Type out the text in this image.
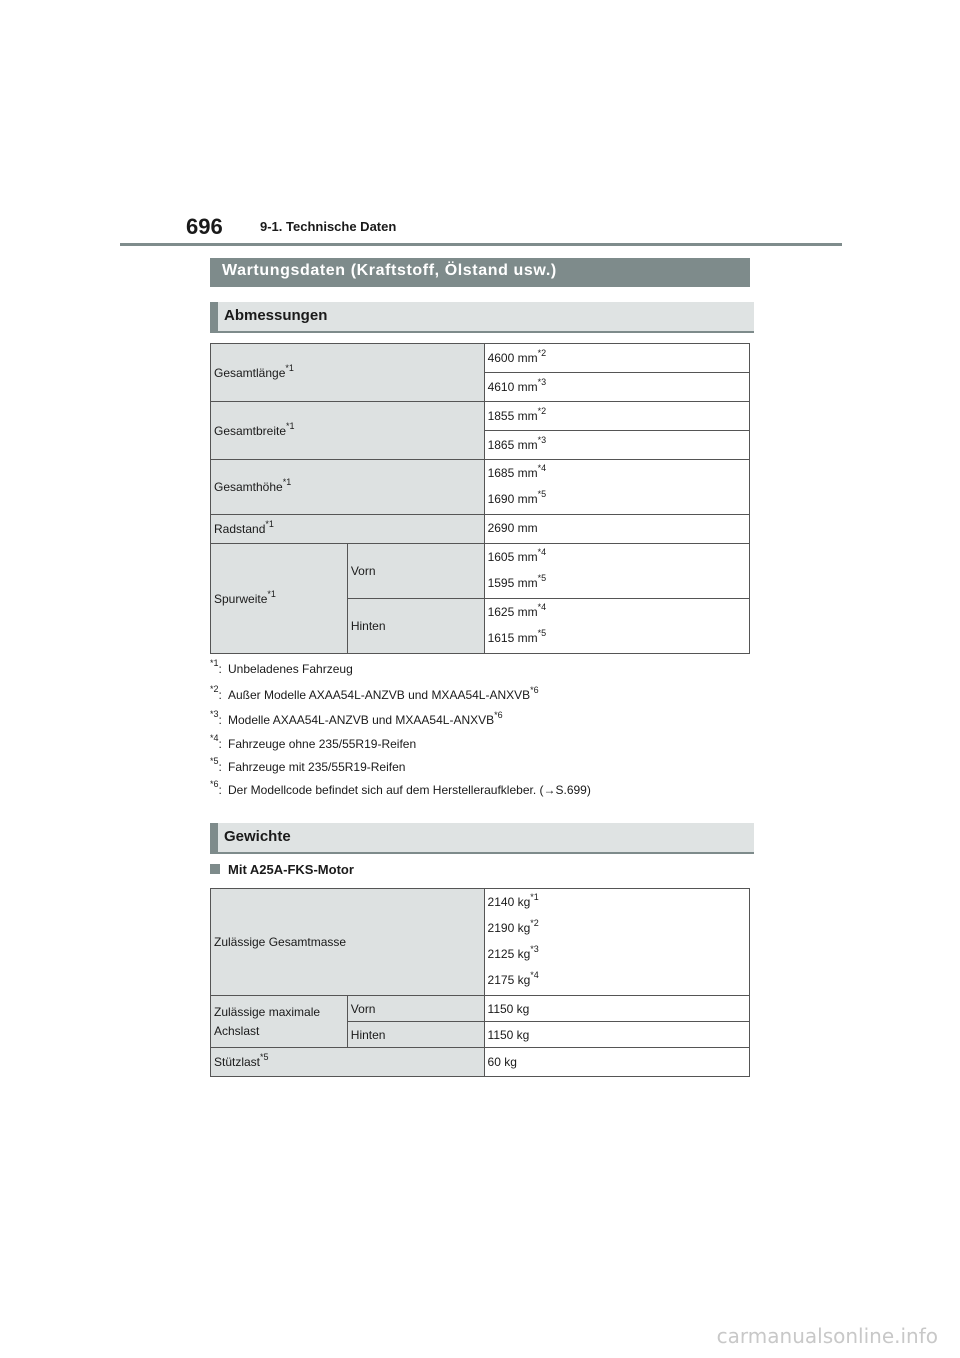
696	9-1. Technische Daten
Wartungsdaten (Kraftstoff, Ölstand usw.)
Abmessungen
Gesamtlänge$^{*1}$		4600 $mm^{*2}$
		4610 $mm^{*3}$
Gesamtbreite$^{*1}$		1855 $mm^{*2}$
		1865 $mm^{*3}$
Gesamthöhe$^{*1}$		1685 $mm^{*4}$
1690 $mm^{*5}$

Radstand$^{*1}$		2690 mm
Spurweite$^{*1}$	Vorn	1605 $mm^{*4}$
1595 $mm^{*5}$

	Hinten	1625 $mm^{*4}$
1615 $mm^{*5}$
$^{*1}$: Unbeladenes Fahrzeug
$^{*2}$: Außer Modelle AXAA54L-ANZVB und MXAA54L-ANXVB$^{*6}$
$^{*3}$: Modelle AXAA54L-ANZVB und MXAA54L-ANXVB$^{*6}$
$^{*4}$: Fahrzeuge ohne 235/55R19-Reifen
$^{*5}$: Fahrzeuge mit 235/55R19-Reifen
$^{*6}$: Der Modellcode befindet sich auf dem Herstelleraufkleber. (→S.699)
Gewichte
Mit A25A-FKS-Motor
Zulässige Gesamtmasse		2140 $kg^{*1}$
2190 $kg^{*2}$
2125 $kg^{*3}$
2175 $kg^{*4}$

Zulässige maximale
Achslast	Vorn	1150 kg
	Hinten	1150 kg
Stützlast$^{*5}$		60 kg
carmanualsonline.info
